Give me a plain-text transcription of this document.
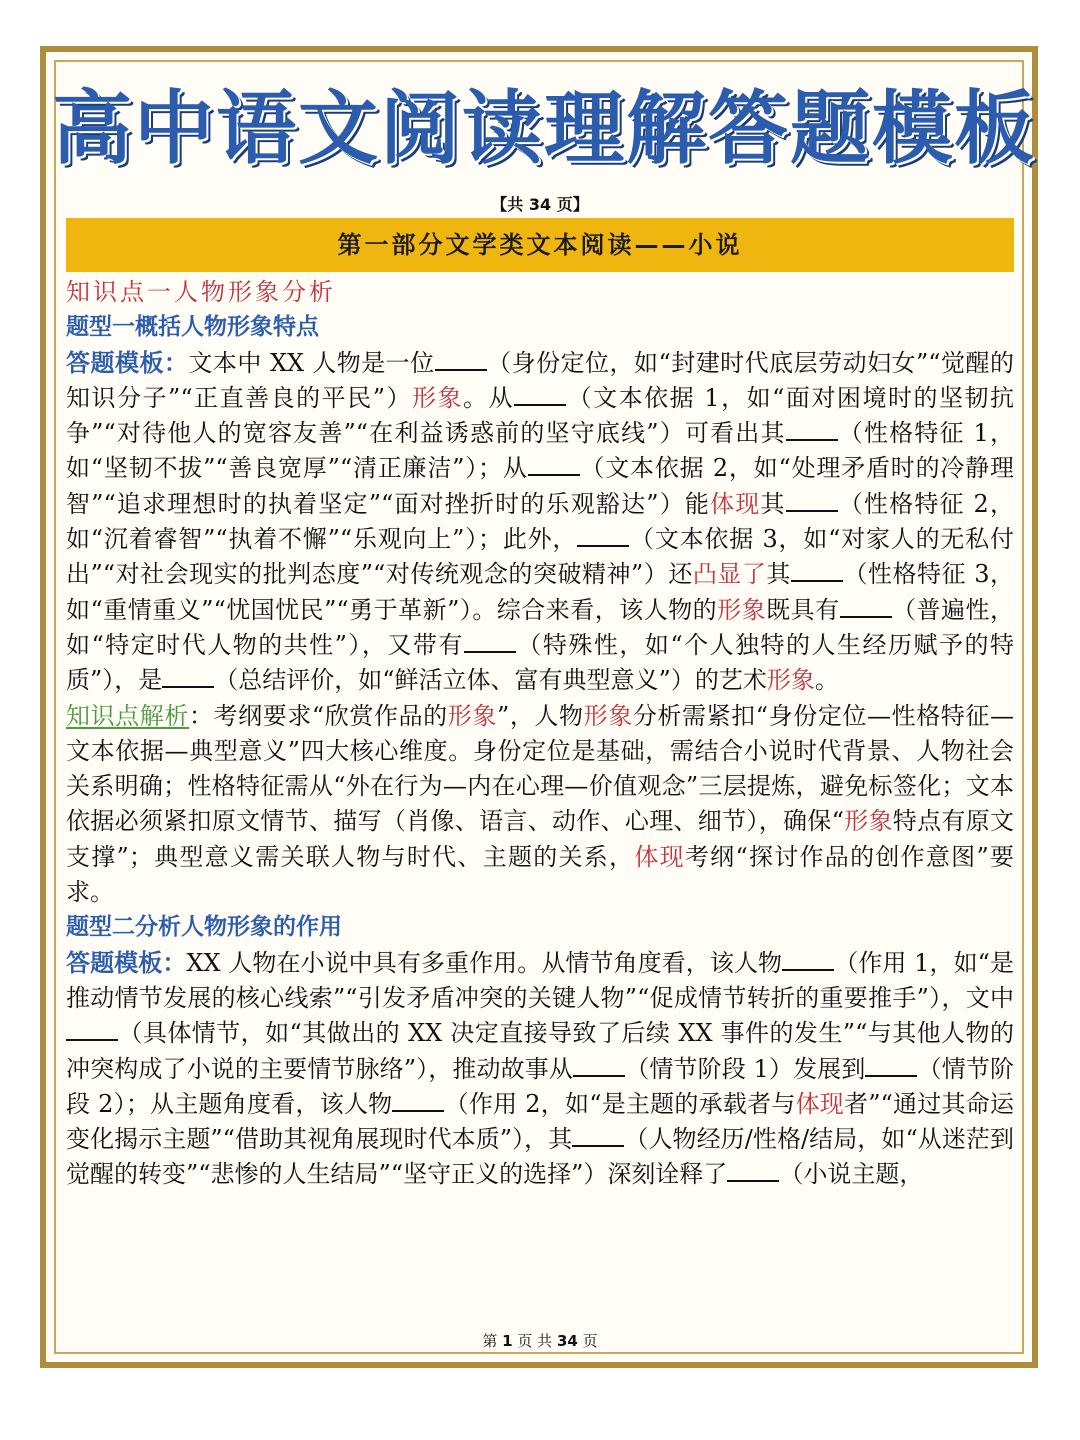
高中语文阅读理解答题模板
【共 34 页】
第一部分文学类文本阅读——小说

知识点一人物形象分析

题型一概括人物形象特点

答题模板：文本中 XX 人物是一位 （身份定位，如“封建时代底层劳动妇女”“觉醒的知识分子”“正直善良的平民”）形象。从 （文本依据 1，如“面对困境时的坚韧抗争”“对待他人的宽容友善”“在利益诱惑前的坚守底线”）可看出其 （性格特征 1，如“坚韧不拔”“善良宽厚”“清正廉洁”）；从 （文本依据 2，如“处理矛盾时的冷静理智”“追求理想时的执着坚定”“面对挫折时的乐观豁达”）能体现其 （性格特征 2，如“沉着睿智”“执着不懈”“乐观向上”）；此外， （文本依据 3，如“对家人的无私付出”“对社会现实的批判态度”“对传统观念的突破精神”）还凸显了其 （性格特征 3，如“重情重义”“忧国忧民”“勇于革新”）。综合来看，该人物的形象既具有 （普遍性，如“特定时代人物的共性”），又带有 （特殊性，如“个人独特的人生经历赋予的特质”），是 （总结评价，如“鲜活立体、富有典型意义”）的艺术形象。

知识点解析：考纲要求“欣赏作品的形象”，人物形象分析需紧扣“身份定位—性格特征—文本依据—典型意义”四大核心维度。身份定位是基础，需结合小说时代背景、人物社会关系明确；性格特征需从“外在行为—内在心理—价值观念”三层提炼，避免标签化；文本依据必须紧扣原文情节、描写（肖像、语言、动作、心理、细节），确保“形象特点有原文支撑”；典型意义需关联人物与时代、主题的关系，体现考纲“探讨作品的创作意图”要求。

题型二分析人物形象的作用

答题模板：XX 人物在小说中具有多重作用。从情节角度看，该人物 （作用 1，如“是推动情节发展的核心线索”“引发矛盾冲突的关键人物”“促成情节转折的重要推手”），文中（具体情节，如“其做出的 XX 决定直接导致了后续 XX 事件的发生”“与其他人物的冲突构成了小说的主要情节脉络”），推动故事从 （情节阶段 1）发展到 （情节阶段 2）；从主题角度看，该人物 （作用 2，如“是主题的承载者与体现者”“通过其命运变化揭示主题”“借助其视角展现时代本质”），其 （人物经历/性格/结局，如“从迷茫到觉醒的转变”“悲惨的人生结局”“坚守正义的选择”）深刻诠释了 （小说主题，

第 1 页 共 34 页
